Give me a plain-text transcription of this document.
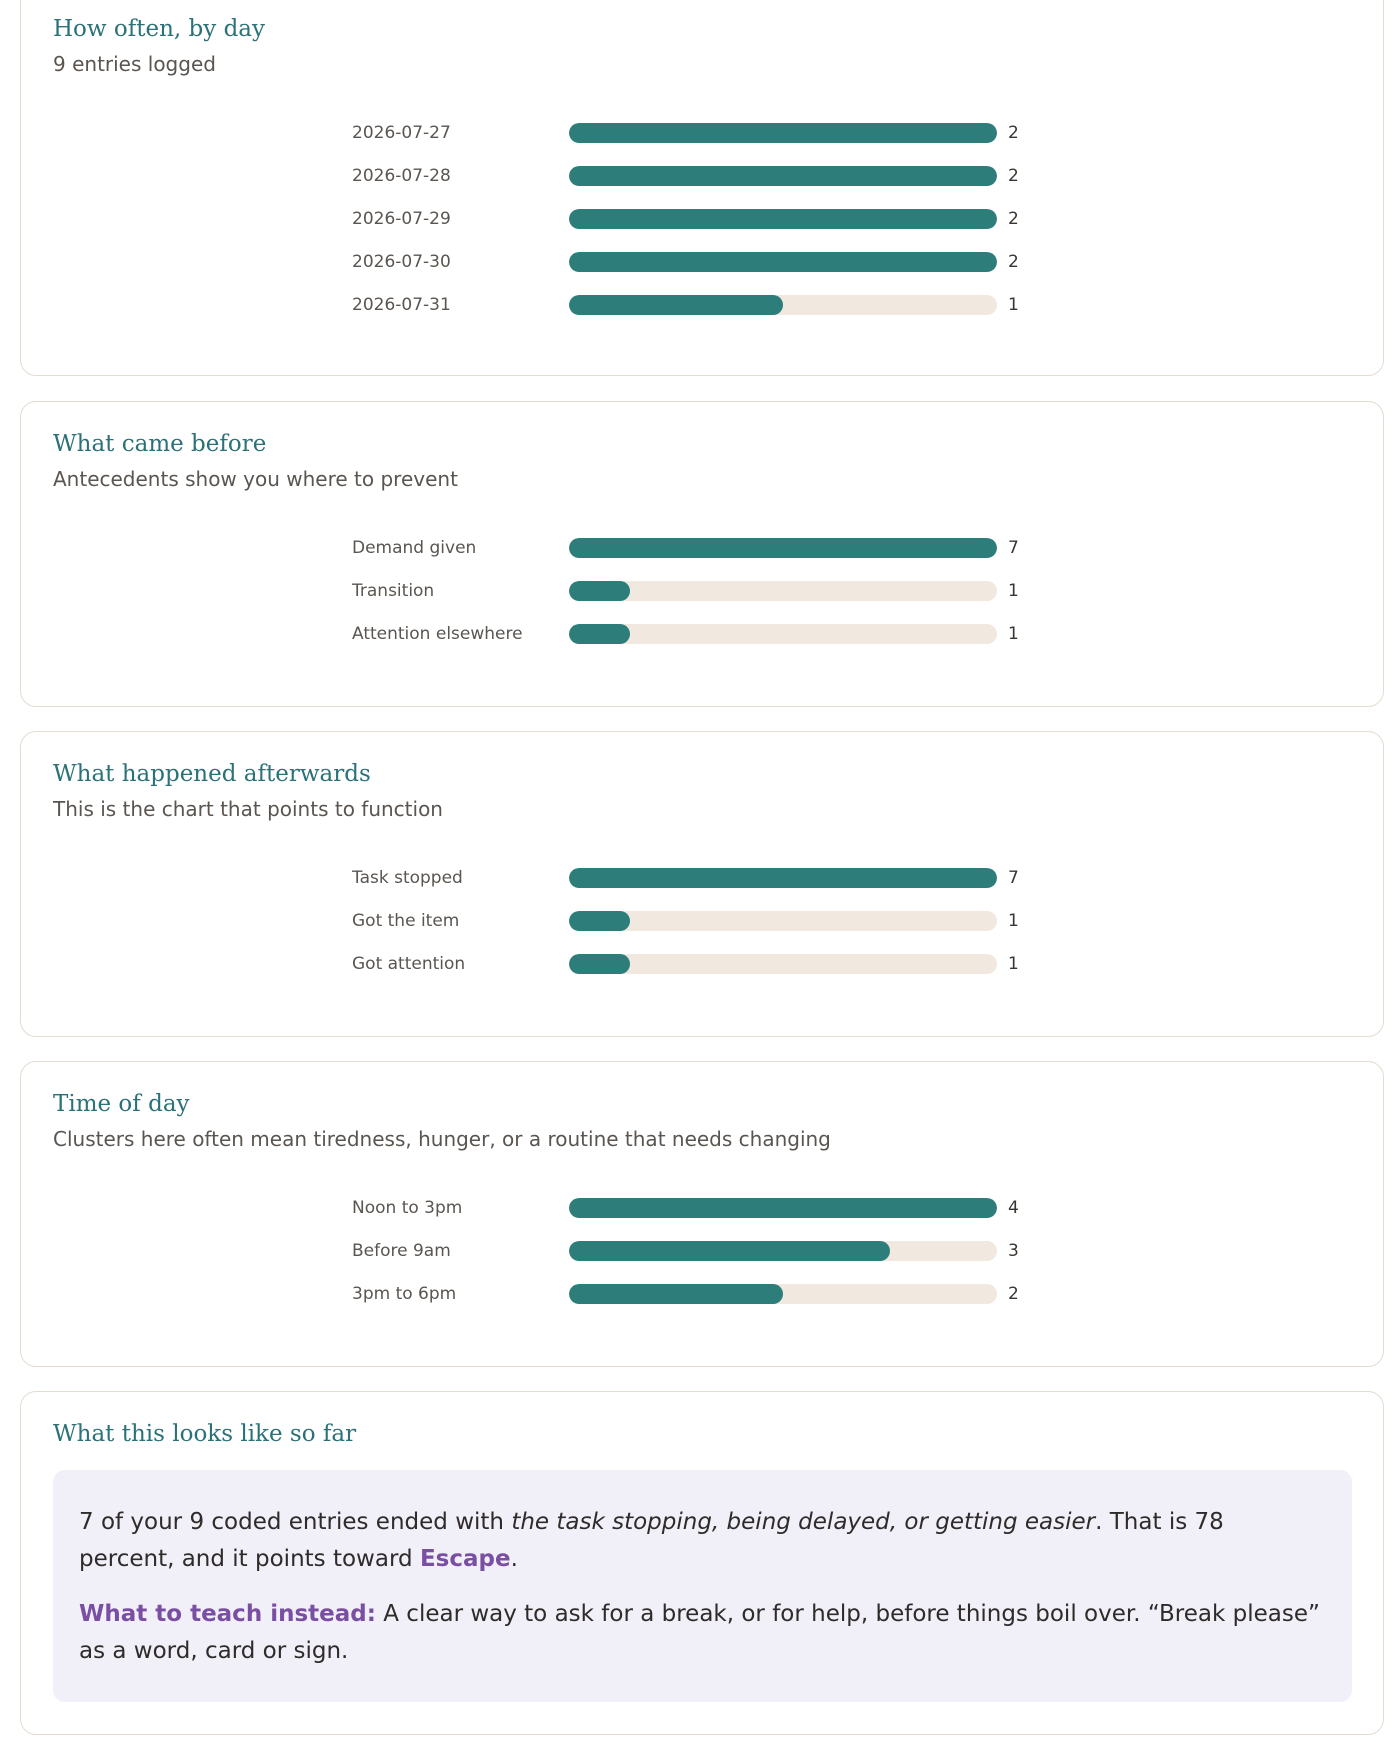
How often, by day

9 entries logged

2026-07-27	2
2026-07-28	2
2026-07-29	2
2026-07-30	2
2026-07-31	1
What came before

Antecedents show you where to prevent

Demand given	7
Transition	1
Attention elsewhere	1
What happened afterwards

This is the chart that points to function

Task stopped	7
Got the item	1
Got attention	1
Time of day

Clusters here often mean tiredness, hunger, or a routine that needs changing

Noon to 3pm	4
Before 9am	3
3pm to 6pm	2
What this looks like so far

7 of your 9 coded entries ended with the task stopping, being delayed, or getting easier. That is 78 percent, and it points toward Escape.

What to teach instead: A clear way to ask for a break, or for help, before things boil over. “Break please” as a word, card or sign.
